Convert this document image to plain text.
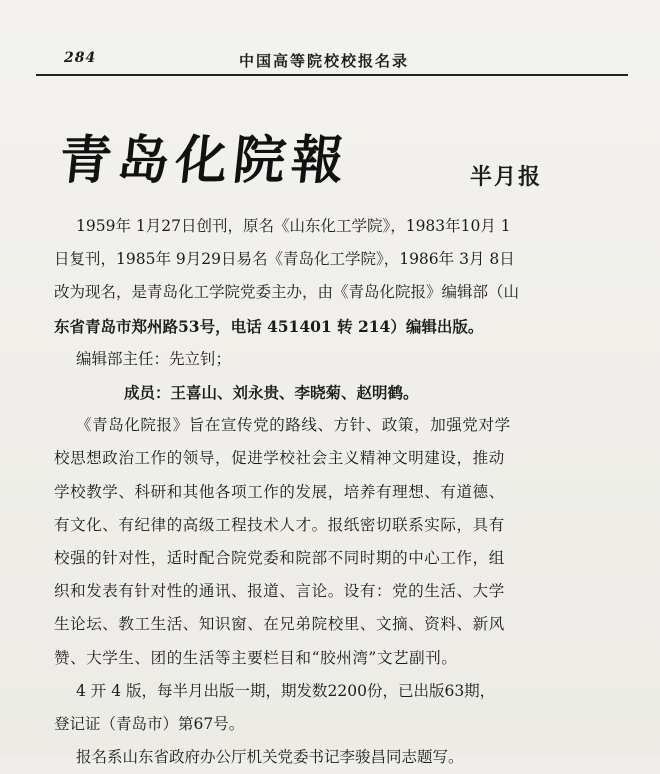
284	中国高等院校校报名录
青岛化院報	半月报
1959年 1月27日创刊，原名《山东化工学院》，1983年10月 1
日复刊，1985年 9月29日易名《青岛化工学院》，1986年 3月 8日
改为现名，是青岛化工学院党委主办，由《青岛化院报》编辑部（山
东省青岛市郑州路53号，电话 451401 转 214）编辑出版。
编辑部主任：先立钊；
成员：王喜山、刘永贵、李晓菊、赵明鹤。
《青岛化院报》旨在宣传党的路线、方针、政策，加强党对学
校思想政治工作的领导，促进学校社会主义精神文明建设，推动
学校教学、科研和其他各项工作的发展，培养有理想、有道德、
有文化、有纪律的高级工程技术人才。报纸密切联系实际，具有
校强的针对性，适时配合院党委和院部不同时期的中心工作，组
织和发表有针对性的通讯、报道、言论。设有：党的生活、大学
生论坛、教工生活、知识窗、在兄弟院校里、文摘、资料、新风
赞、大学生、团的生活等主要栏目和“胶州湾”文艺副刊。
4 开 4 版，每半月出版一期，期发数2200份，已出版63期，
登记证（青岛市）第67号。
报名系山东省政府办公厅机关党委书记李骏昌同志题写。
